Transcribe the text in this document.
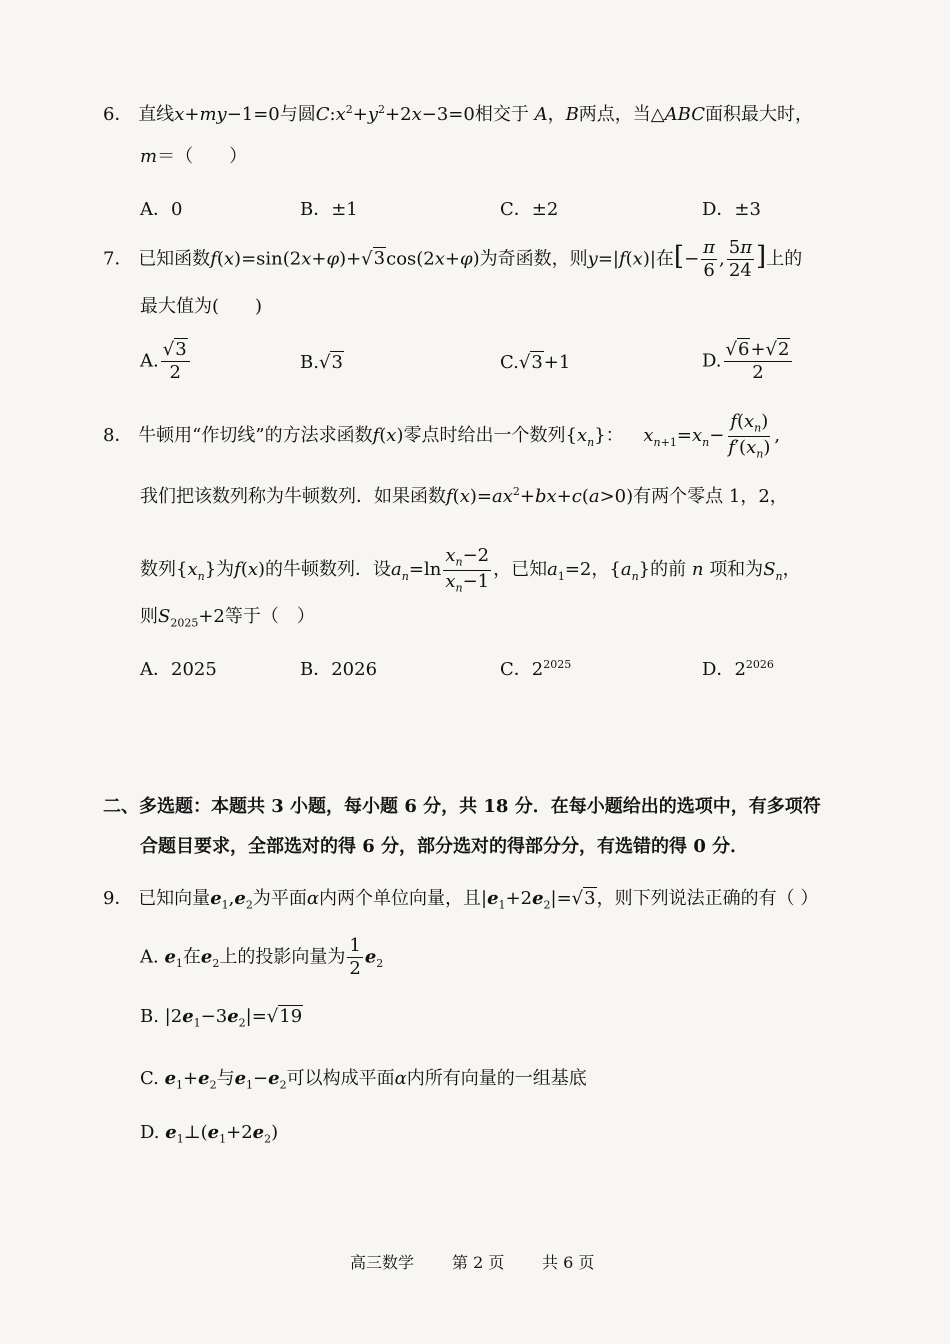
6． 直线x+my−1=0与圆$C:x^2+y^2+2x-3=0$相交于 A，B两点，当△ABC面积最大时，
m＝（　　）
A．0	B．±1	C．±2	D．±3
7． 已知函数f(x)=sin(2x+φ)+√3cos(2x+φ)为奇函数，则y=|f(x)|在[− $\frac{\pi}{6}$ , $\frac{5\pi}{24}$ ]上的
最大值为(　　)
A. $\frac{√3}{2}$	B.√3	C.√3+1	D. $\frac{√6+√2}{2}$
8． 牛顿用“作切线”的方法求函数f(x)零点时给出一个数列$\{x_n\}$： $x_{n+1}=x_n- \frac{f(x_n)}{f'(x_n)}$ ,
我们把该数列称为牛顿数列．如果函数$f(x)=ax^2+bx+c(a>0)$有两个零点 1，2，
数列$\{x_n\}$为f(x)的牛顿数列．设$a_n=\ln \frac{x_n-2}{x_n-1}$ ，已知$a_1=2$，$\{a_n\}$的前 n 项和为$S_n$，
则$S_{2025}+2$等于（　）
A．2025	B．2026	C．$2^{2025}$	D．$2^{2026}$
二、多选题：本题共 3 小题，每小题 6 分，共 18 分．在每小题给出的选项中，有多项符
合题目要求，全部选对的得 6 分，部分选对的得部分分，有选错的得 0 分．
9． 已知向量$e_1,e_2$为平面α内两个单位向量，且$|e_1+2e_2|=√3$，则下列说法正确的有（ ）
A. $e_1$在$e_2$上的投影向量为 $\frac{1}{2} e_2$
B. $|2e_1-3e_2|=√19$
C. $e_1+e_2$与$e_1-e_2$可以构成平面α内所有向量的一组基底
D. $e_1\perp(e_1+2e_2)$
高三数学 第 2 页 共 6 页
